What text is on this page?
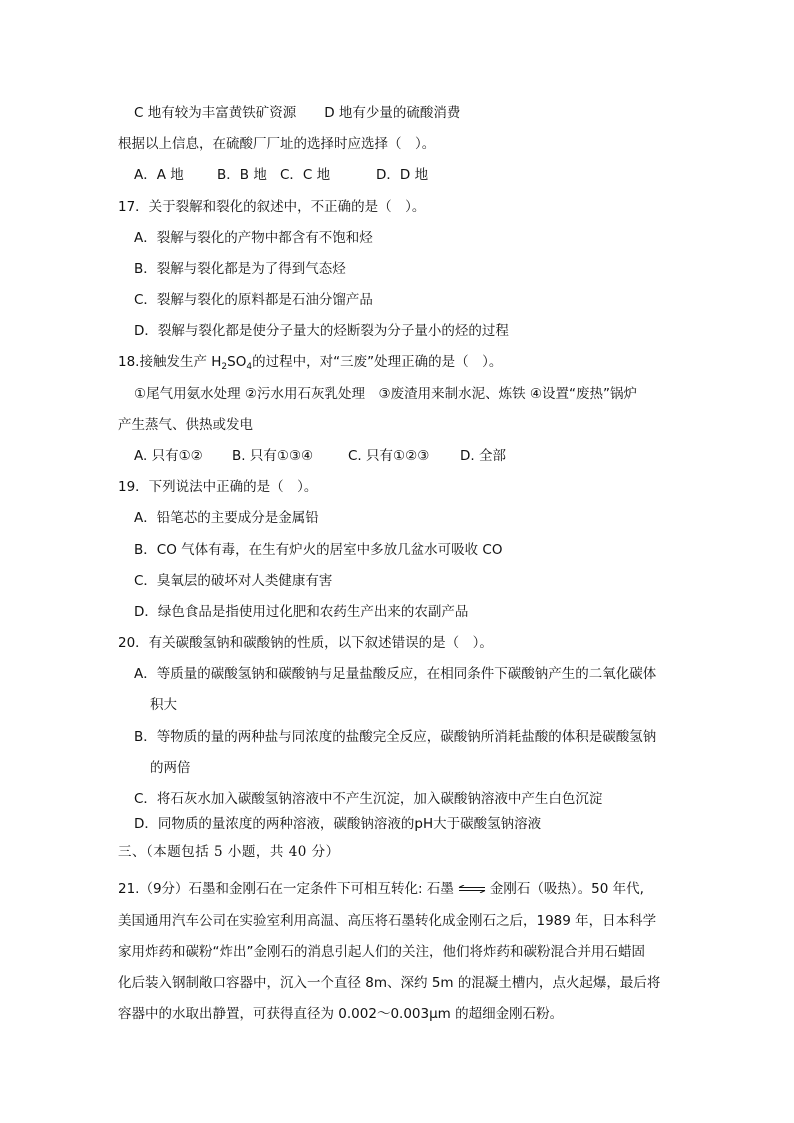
C 地有较为丰富黄铁矿资源 D 地有少量的硫酸消费
根据以上信息，在硫酸厂厂址的选择时应选择（　）。
A．A 地 B．B 地 C．C 地	D．D 地
17．关于裂解和裂化的叙述中，不正确的是（　）。
A．裂解与裂化的产物中都含有不饱和烃
B．裂解与裂化都是为了得到气态烃
C．裂解与裂化的原料都是石油分馏产品
D．裂解与裂化都是使分子量大的烃断裂为分子量小的烃的过程
18.接触发生产 $H_2SO_4$的过程中，对“三废”处理正确的是（　）。
①尾气用氨水处理 ②污水用石灰乳处理　③废渣用来制水泥、炼铁 ④设置“废热”锅炉
产生蒸气、供热或发电
A. 只有①② B. 只有①③④	C. 只有①②③ D. 全部
19．下列说法中正确的是（　）。
A．铅笔芯的主要成分是金属铅
B．CO 气体有毒，在生有炉火的居室中多放几盆水可吸收 CO
C．臭氧层的破坏对人类健康有害
D．绿色食品是指使用过化肥和农药生产出来的农副产品
20．有关碳酸氢钠和碳酸钠的性质，以下叙述错误的是（　）。
A．等质量的碳酸氢钠和碳酸钠与足量盐酸反应，在相同条件下碳酸钠产生的二氧化碳体
积大
B．等物质的量的两种盐与同浓度的盐酸完全反应，碳酸钠所消耗盐酸的体积是碳酸氢钠
的两倍
C．将石灰水加入碳酸氢钠溶液中不产生沉淀，加入碳酸钠溶液中产生白色沉淀
D．同物质的量浓度的两种溶液，碳酸钠溶液的pH大于碳酸氢钠溶液
三、（本题包括 5 小题，共 40 分）
21.（9分）石墨和金刚石在一定条件下可相互转化: 石墨 ⇌ 金刚石（吸热）。50 年代,
美国通用汽车公司在实验室利用高温、高压将石墨转化成金刚石之后，1989 年，日本科学
家用炸药和碳粉“炸出”金刚石的消息引起人们的关注，他们将炸药和碳粉混合并用石蜡固
化后装入钢制敞口容器中，沉入一个直径 8m、深约 5m 的混凝土槽内，点火起爆，最后将
容器中的水取出静置，可获得直径为 0.002～0.003μm 的超细金刚石粉。
